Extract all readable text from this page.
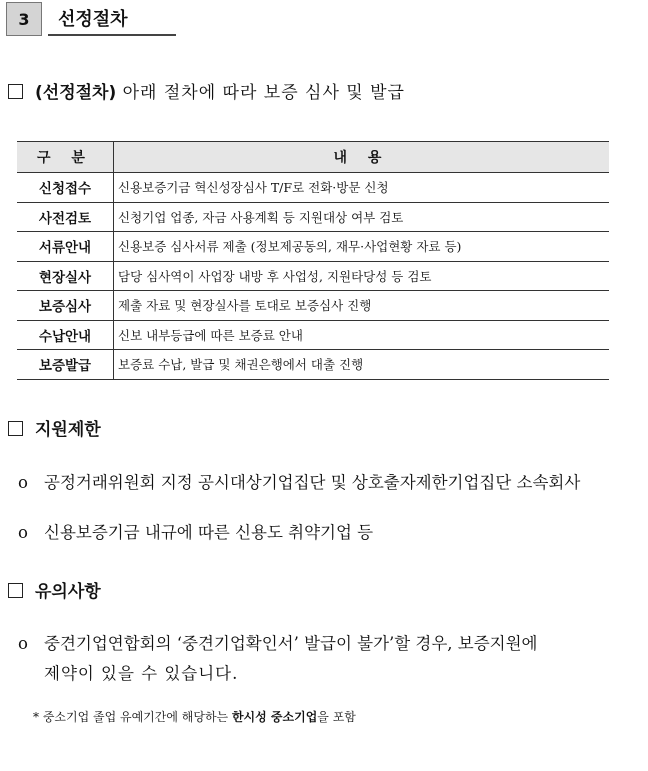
3	선정절차
(선정절차) 아래 절차에 따라 보증 심사 및 발급
구 분	내 용
신청접수	신용보증기금 혁신성장심사 T/F로 전화·방문 신청
사전검토	신청기업 업종, 자금 사용계획 등 지원대상 여부 검토
서류안내	신용보증 심사서류 제출 (정보제공동의, 재무·사업현황 자료 등)
현장실사	담당 심사역이 사업장 내방 후 사업성, 지원타당성 등 검토
보증심사	제출 자료 및 현장실사를 토대로 보증심사 진행
수납안내	신보 내부등급에 따른 보증료 안내
보증발급	보증료 수납, 발급 및 채권은행에서 대출 진행
지원제한
o 공정거래위원회 지정 공시대상기업집단 및 상호출자제한기업집단 소속회사
o 신용보증기금 내규에 따른 신용도 취약기업 등
유의사항
o 중견기업연합회의 ‘중견기업확인서’ 발급이 불가’할 경우, 보증지원에
제약이 있을 수 있습니다.
* 중소기업 졸업 유예기간에 해당하는 한시성 중소기업을 포함
